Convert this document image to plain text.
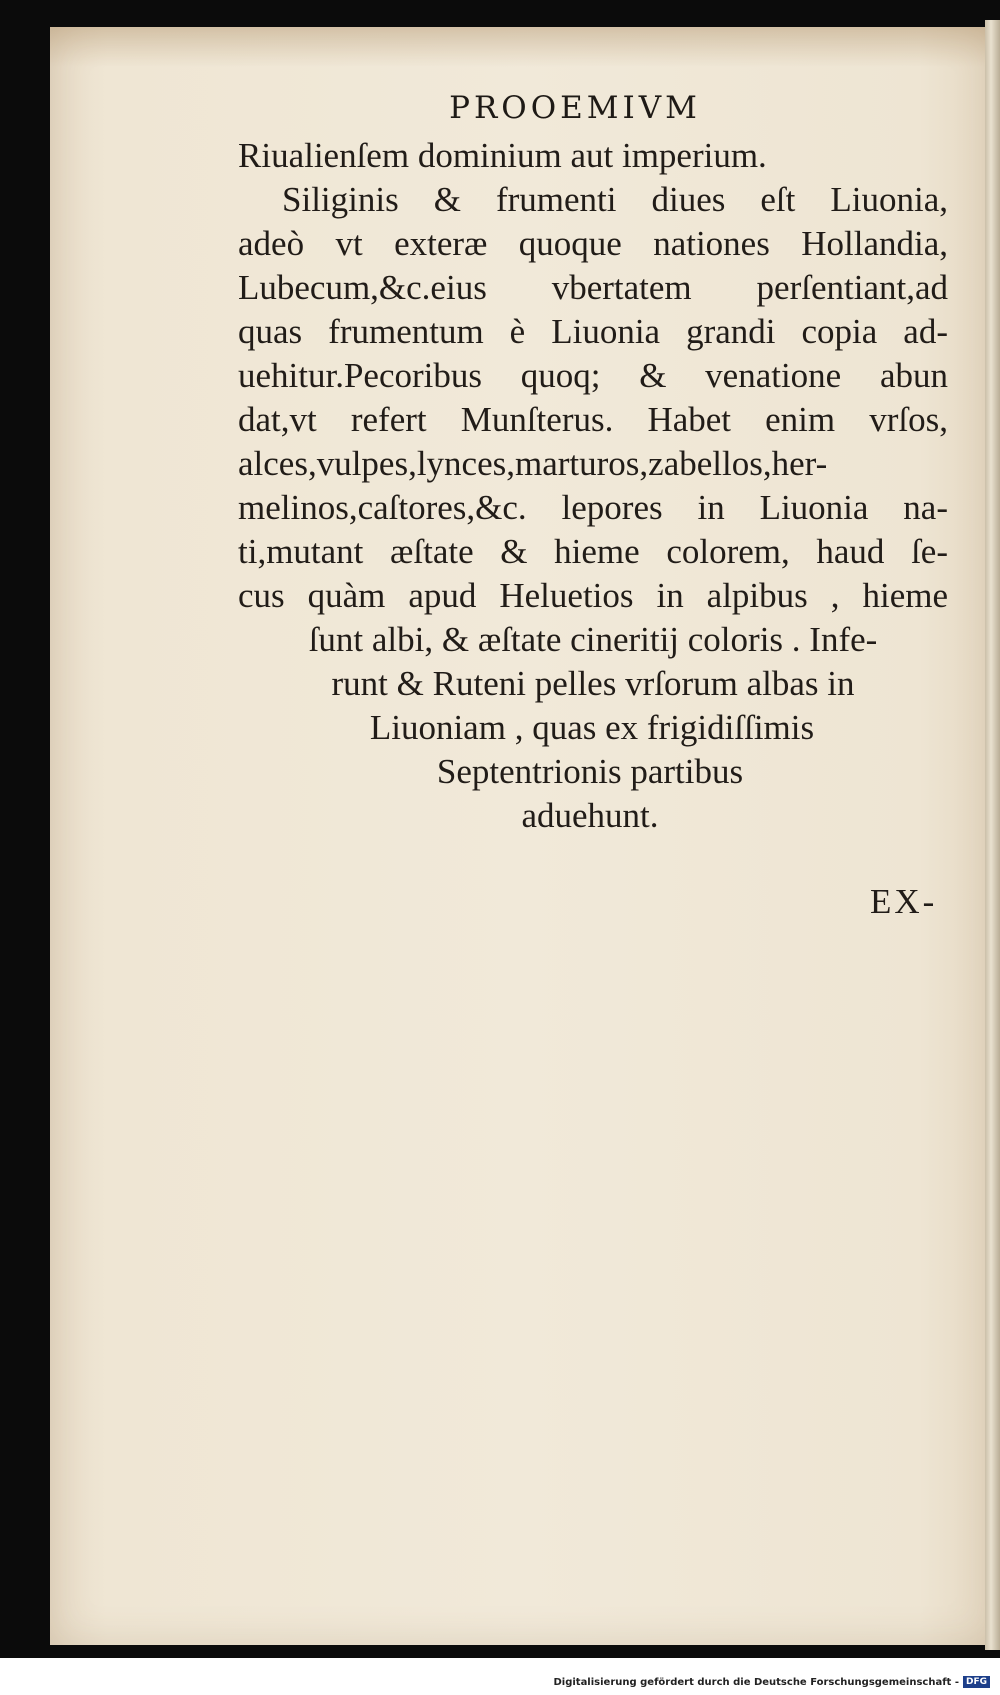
PROOEMIVM
Riualienſem dominium aut imperium.
Siliginis & frumenti diues eſt Liuonia,
adeò vt exteræ quoque nationes Hollandia,
Lubecum,&c.eius vbertatem perſentiant,ad
quas frumentum è Liuonia grandi copia ad-
uehitur.Pecoribus quoq; & venatione abun
dat,vt refert Munſterus. Habet enim vrſos,
alces,vulpes,lynces,marturos,zabellos,her-
melinos,caſtores,&c. lepores in Liuonia na-
ti,mutant æſtate & hieme colorem, haud ſe-
cus quàm apud Heluetios in alpibus , hieme
ſunt albi, & æſtate cineritij coloris . Infe-
runt & Ruteni pelles vrſorum albas in
Liuoniam , quas ex frigidiſſimis
Septentrionis partibus
aduehunt.
EX-
Digitalisierung gefördert durch die Deutsche Forschungsgemeinschaft - DFG
